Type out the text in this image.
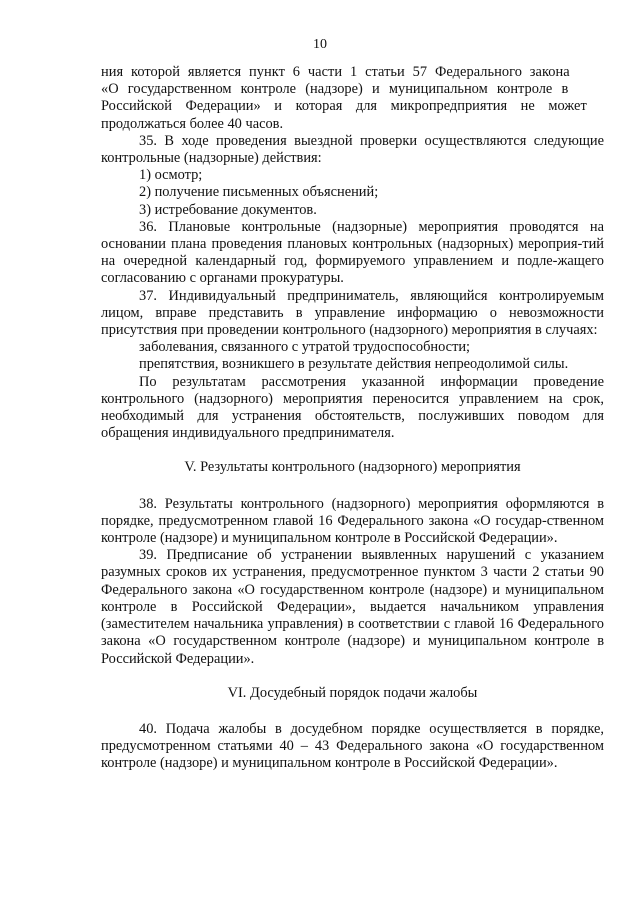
10

ния которой является пункт 6 части 1 статьи 57 Федерального закона

«О государственном контроле (надзоре) и муниципальном контроле в

Российской Федерации» и которая для микропредприятия не может

продолжаться более 40 часов.

35. В ходе проведения выездной проверки осуществляются следующие контрольные (надзорные) действия:

1) осмотр;

2) получение письменных объяснений;

3) истребование документов.

36. Плановые контрольные (надзорные) мероприятия проводятся на основании плана проведения плановых контрольных (надзорных) мероприя-тий на очередной календарный год, формируемого управлением и подле-жащего согласованию с органами прокуратуры.

37. Индивидуальный предприниматель, являющийся контролируемым лицом, вправе представить в управление информацию о невозможности присутствия при проведении контрольного (надзорного) мероприятия в случаях:

заболевания, связанного с утратой трудоспособности;

препятствия, возникшего в результате действия непреодолимой силы.

По результатам рассмотрения указанной информации проведение контрольного (надзорного) мероприятия переносится управлением на срок, необходимый для устранения обстоятельств, послуживших поводом для обращения индивидуального предпринимателя.

V. Результаты контрольного (надзорного) мероприятия

38. Результаты контрольного (надзорного) мероприятия оформляются в порядке, предусмотренном главой 16 Федерального закона «О государ-ственном контроле (надзоре) и муниципальном контроле в Российской Федерации».

39. Предписание об устранении выявленных нарушений с указанием разумных сроков их устранения, предусмотренное пунктом 3 части 2 статьи 90 Федерального закона «О государственном контроле (надзоре) и муниципальном контроле в Российской Федерации», выдается начальником управления (заместителем начальника управления) в соответствии с главой 16 Федерального закона «О государственном контроле (надзоре) и муниципальном контроле в Российской Федерации».

VI. Досудебный порядок подачи жалобы

40. Подача жалобы в досудебном порядке осуществляется в порядке, предусмотренном статьями 40 – 43 Федерального закона «О государственном контроле (надзоре) и муниципальном контроле в Российской Федерации».
